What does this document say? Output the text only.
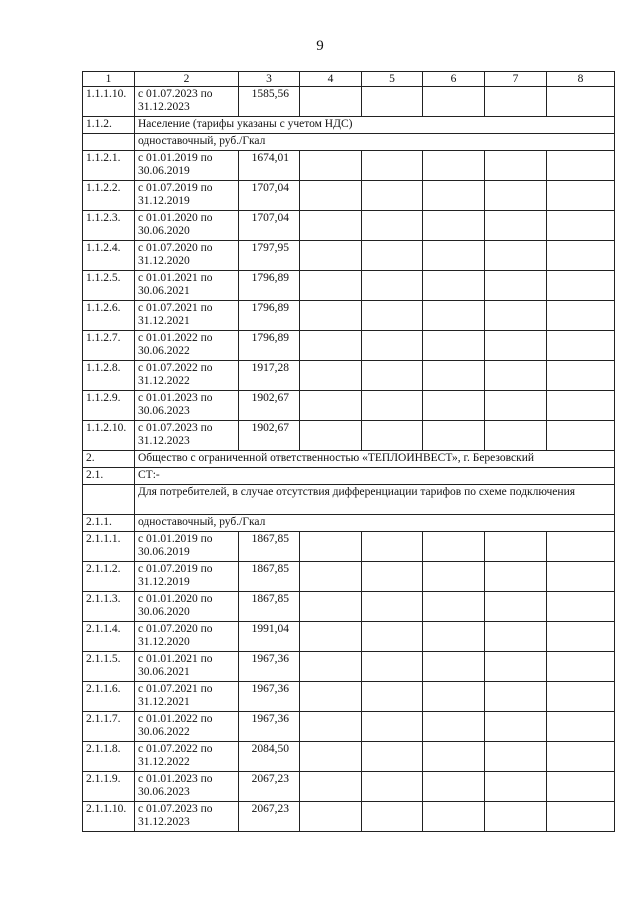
9
1	2	3	4	5	6	7	8
1.1.1.10.	с 01.07.2023 по
31.12.2023	1585,56					
1.1.2.	Население (тарифы указаны с учетом НДС)						
	одноставочный, руб./Гкал						
1.1.2.1.	с 01.01.2019 по
30.06.2019	1674,01					
1.1.2.2.	с 01.07.2019 по
31.12.2019	1707,04					
1.1.2.3.	с 01.01.2020 по
30.06.2020	1707,04					
1.1.2.4.	с 01.07.2020 по
31.12.2020	1797,95					
1.1.2.5.	с 01.01.2021 по
30.06.2021	1796,89					
1.1.2.6.	с 01.07.2021 по
31.12.2021	1796,89					
1.1.2.7.	с 01.01.2022 по
30.06.2022	1796,89					
1.1.2.8.	с 01.07.2022 по
31.12.2022	1917,28					
1.1.2.9.	с 01.01.2023 по
30.06.2023	1902,67					
1.1.2.10.	с 01.07.2023 по
31.12.2023	1902,67					
2.	Общество с ограниченной ответственностью «ТЕПЛОИНВЕСТ», г. Березовский						
2.1.	СТ:-						
	Для потребителей, в случае отсутствия дифференциации тарифов по схеме подключения						
2.1.1.	одноставочный, руб./Гкал						
2.1.1.1.	с 01.01.2019 по
30.06.2019	1867,85					
2.1.1.2.	с 01.07.2019 по
31.12.2019	1867,85					
2.1.1.3.	с 01.01.2020 по
30.06.2020	1867,85					
2.1.1.4.	с 01.07.2020 по
31.12.2020	1991,04					
2.1.1.5.	с 01.01.2021 по
30.06.2021	1967,36					
2.1.1.6.	с 01.07.2021 по
31.12.2021	1967,36					
2.1.1.7.	с 01.01.2022 по
30.06.2022	1967,36					
2.1.1.8.	с 01.07.2022 по
31.12.2022	2084,50					
2.1.1.9.	с 01.01.2023 по
30.06.2023	2067,23					
2.1.1.10.	с 01.07.2023 по
31.12.2023	2067,23					
